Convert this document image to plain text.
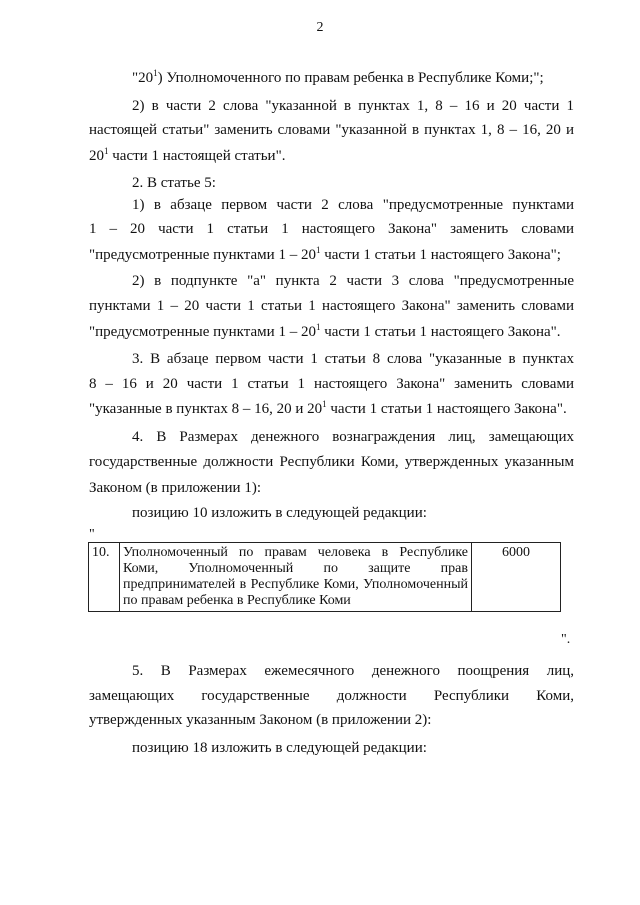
2
"$20^1$) Уполномоченного по правам ребенка в Республике Коми;";
2) в части 2 слова "указанной в пунктах 1, 8 – 16 и 20 части 1
настоящей статьи" заменить словами "указанной в пунктах 1, 8 – 16, 20 и
$20^1$ части 1 настоящей статьи".
2. В статье 5:
1) в абзаце первом части 2 слова "предусмотренные пунктами
1 – 20 части 1 статьи 1 настоящего Закона" заменить словами
"предусмотренные пунктами $1 - 20^1$ части 1 статьи 1 настоящего Закона";
2) в подпункте "а" пункта 2 части 3 слова "предусмотренные
пунктами 1 – 20 части 1 статьи 1 настоящего Закона" заменить словами
"предусмотренные пунктами $1 - 20^1$ части 1 статьи 1 настоящего Закона".
3. В абзаце первом части 1 статьи 8 слова "указанные в пунктах
8 – 16 и 20 части 1 статьи 1 настоящего Закона" заменить словами
"указанные в пунктах 8 – 16, 20 и $20^1$ части 1 статьи 1 настоящего Закона".
4. В Размерах денежного вознаграждения лиц, замещающих
государственные должности Республики Коми, утвержденных указанным
Законом (в приложении 1):
позицию 10 изложить в следующей редакции:
"
10.	Уполномоченный по правам человека в Республике Коми, Уполномоченный по защите прав предпринимателей в Республике Коми, Уполномоченный по правам ребенка в Республике Коми	6000
".
5. В Размерах ежемесячного денежного поощрения лиц,
замещающих государственные должности Республики Коми,
утвержденных указанным Законом (в приложении 2):
позицию 18 изложить в следующей редакции:
